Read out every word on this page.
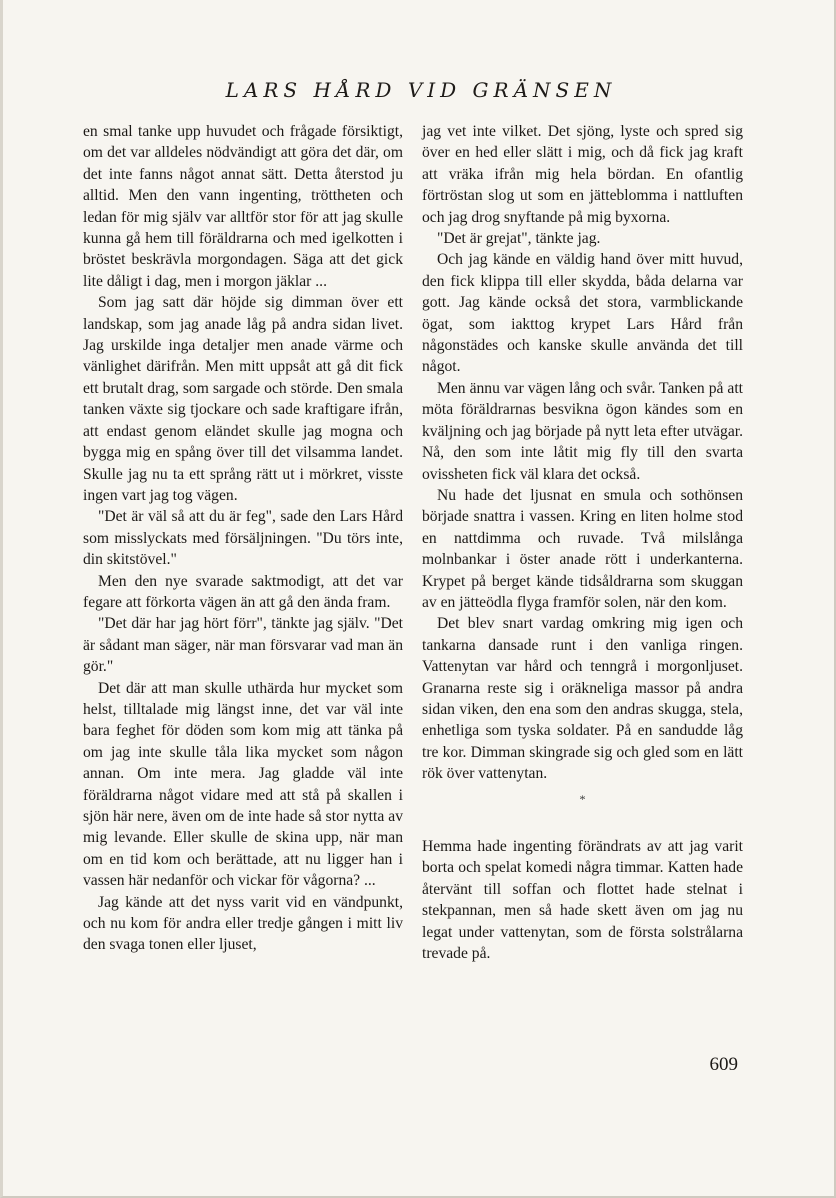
LARS HÅRD VID GRÄNSEN

en smal tanke upp huvudet och frågade försiktigt, om det var alldeles nödvändigt att göra det där, om det inte fanns något annat sätt. Detta återstod ju alltid. Men den vann ingenting, tröttheten och ledan för mig själv var alltför stor för att jag skulle kunna gå hem till föräldrarna och med igelkotten i bröstet beskrävla morgondagen. Säga att det gick lite dåligt i dag, men i morgon jäklar ...

Som jag satt där höjde sig dimman över ett landskap, som jag anade låg på andra sidan livet. Jag urskilde inga detaljer men anade värme och vänlighet därifrån. Men mitt uppsåt att gå dit fick ett brutalt drag, som sargade och störde. Den smala tanken växte sig tjockare och sade kraftigare ifrån, att endast genom eländet skulle jag mogna och bygga mig en spång över till det vilsamma landet. Skulle jag nu ta ett språng rätt ut i mörkret, visste ingen vart jag tog vägen.

"Det är väl så att du är feg", sade den Lars Hård som misslyckats med försäljningen. "Du törs inte, din skitstövel."

Men den nye svarade saktmodigt, att det var fegare att förkorta vägen än att gå den ända fram.

"Det där har jag hört förr", tänkte jag själv. "Det är sådant man säger, när man försvarar vad man än gör."

Det där att man skulle uthärda hur mycket som helst, tilltalade mig längst inne, det var väl inte bara feghet för döden som kom mig att tänka på om jag inte skulle tåla lika mycket som någon annan. Om inte mera. Jag gladde väl inte föräldrarna något vidare med att stå på skallen i sjön här nere, även om de inte hade så stor nytta av mig levande. Eller skulle de skina upp, när man om en tid kom och berättade, att nu ligger han i vassen här nedanför och vickar för vågorna? ...

Jag kände att det nyss varit vid en vändpunkt, och nu kom för andra eller tredje gången i mitt liv den svaga tonen eller ljuset,

jag vet inte vilket. Det sjöng, lyste och spred sig över en hed eller slätt i mig, och då fick jag kraft att vräka ifrån mig hela bördan. En ofantlig förtröstan slog ut som en jätteblomma i nattluften och jag drog snyftande på mig byxorna.

"Det är grejat", tänkte jag.

Och jag kände en väldig hand över mitt huvud, den fick klippa till eller skydda, båda delarna var gott. Jag kände också det stora, varmblickande ögat, som iakttog krypet Lars Hård från någonstädes och kanske skulle använda det till något.

Men ännu var vägen lång och svår. Tanken på att möta föräldrarnas besvikna ögon kändes som en kväljning och jag började på nytt leta efter utvägar. Nå, den som inte låtit mig fly till den svarta ovissheten fick väl klara det också.

Nu hade det ljusnat en smula och sothönsen började snattra i vassen. Kring en liten holme stod en nattdimma och ruvade. Två milslånga molnbankar i öster anade rött i underkanterna. Krypet på berget kände tidsåldrarna som skuggan av en jätteödla flyga framför solen, när den kom.

Det blev snart vardag omkring mig igen och tankarna dansade runt i den vanliga ringen. Vattenytan var hård och tenngrå i morgonljuset. Granarna reste sig i oräkneliga massor på andra sidan viken, den ena som den andras skugga, stela, enhetliga som tyska soldater. På en sandudde låg tre kor. Dimman skingrade sig och gled som en lätt rök över vattenytan.

*

Hemma hade ingenting förändrats av att jag varit borta och spelat komedi några timmar. Katten hade återvänt till soffan och flottet hade stelnat i stekpannan, men så hade skett även om jag nu legat under vattenytan, som de första solstrålarna trevade på.

609
